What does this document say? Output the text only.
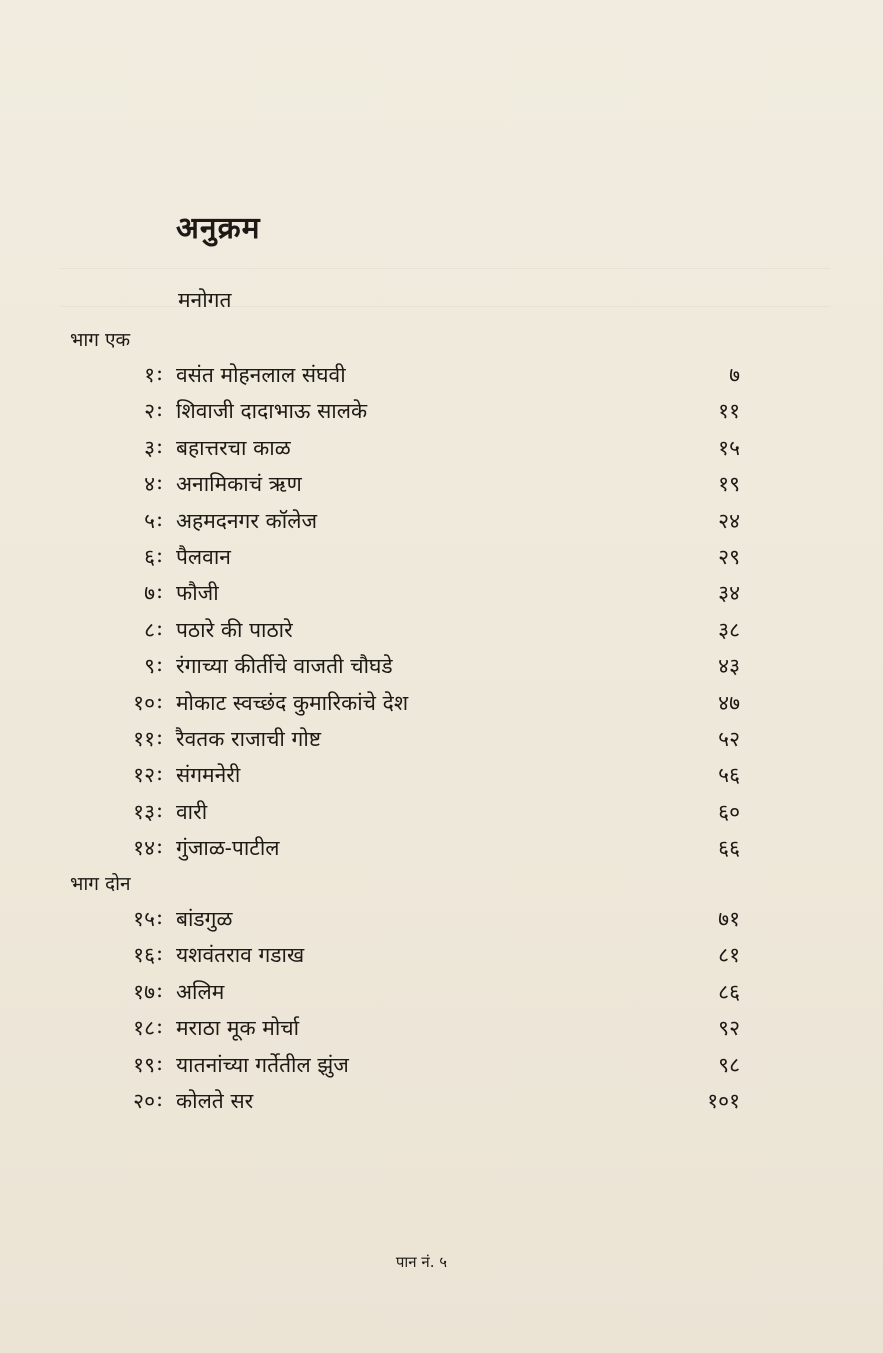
अनुक्रम
मनोगत
भाग एक
१ : वसंत मोहनलाल संघवी	७
२ : शिवाजी दादाभाऊ सालके	११
३ : बहात्तरचा काळ	१५
४ : अनामिकाचं ऋण	१९
५ : अहमदनगर कॉलेज	२४
६ : पैलवान	२९
७ : फौजी	३४
८ : पठारे की पाठारे	३८
९ : रंगाच्या कीर्तीचे वाजती चौघडे	४३
१० : मोकाट स्वच्छंद कुमारिकांचे देश	४७
११ : रैवतक राजाची गोष्ट	५२
१२ : संगमनेरी	५६
१३ : वारी	६०
१४ : गुंजाळ-पाटील	६६
भाग दोन
१५ : बांडगुळ	७१
१६ : यशवंतराव गडाख	८१
१७ : अलिम	८६
१८ : मराठा मूक मोर्चा	९२
१९ : यातनांच्या गर्तेतील झुंज	९८
२० : कोलते सर	१०१
पान नं. ५
